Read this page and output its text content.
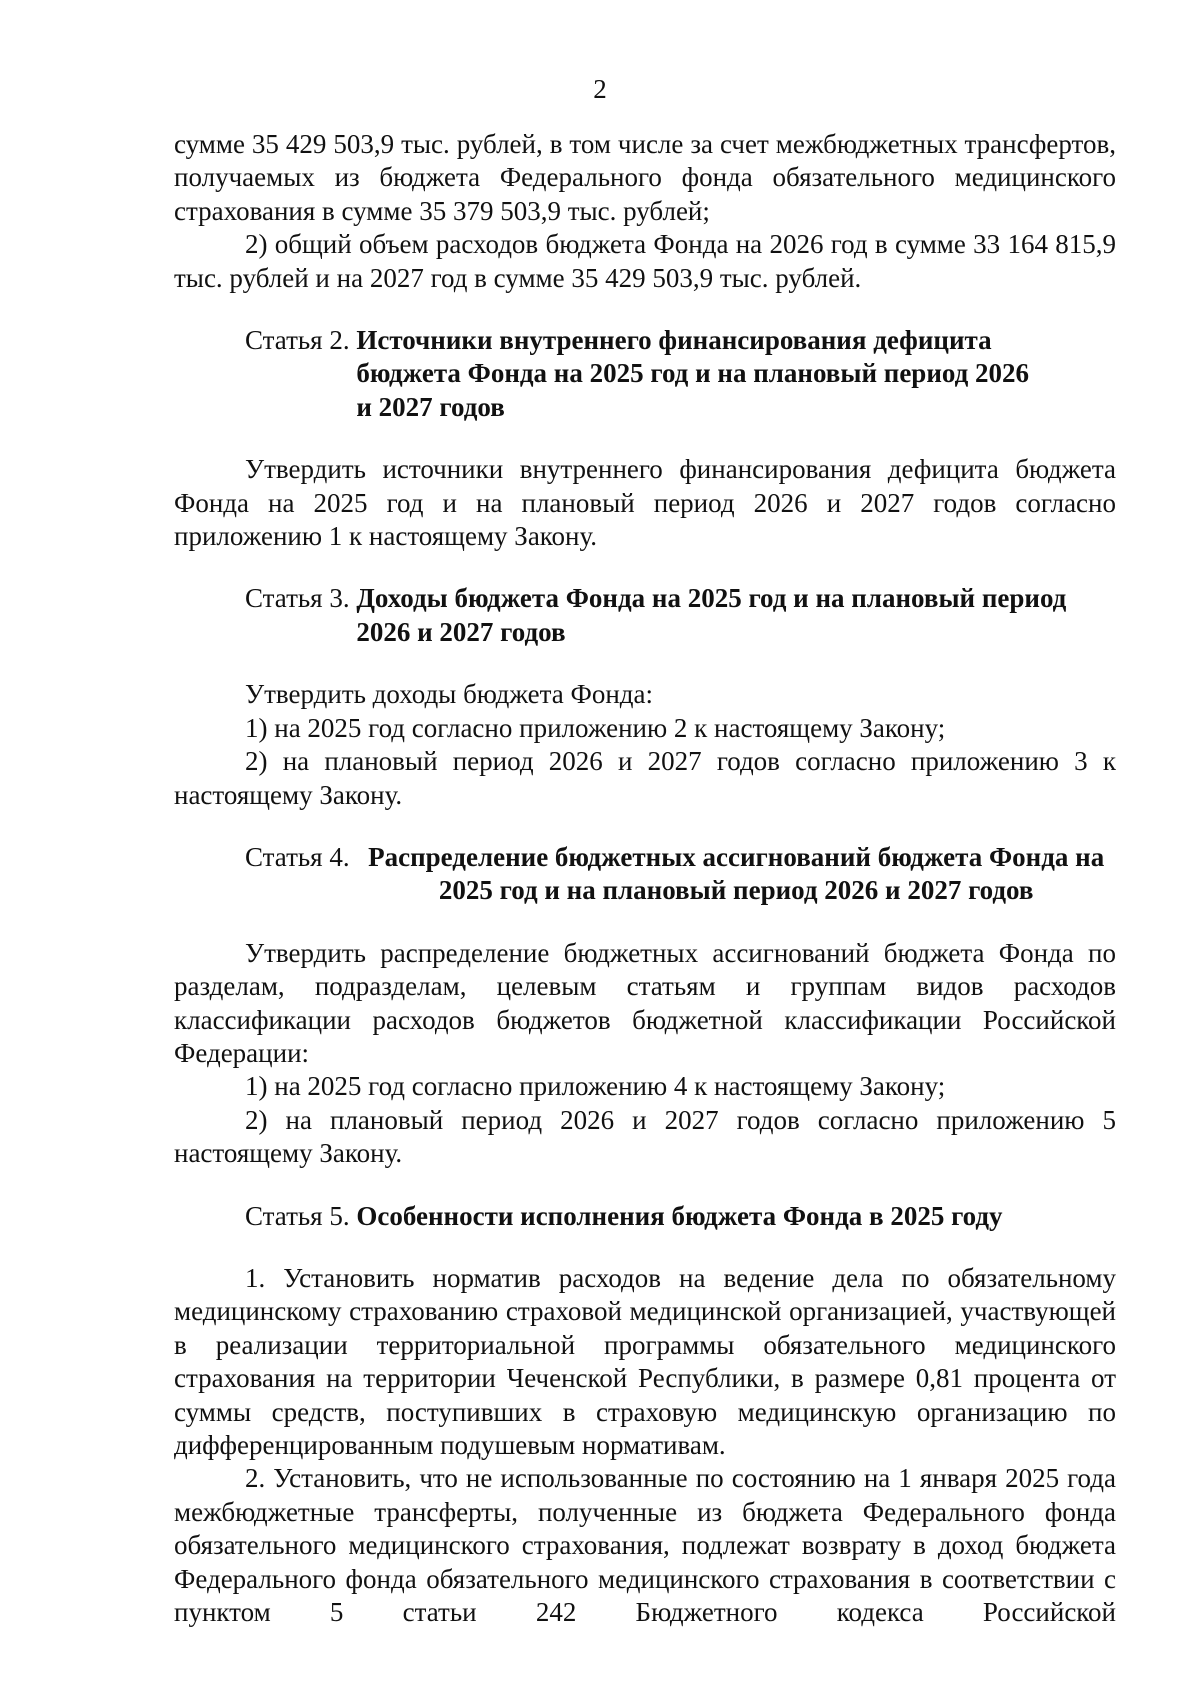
2

сумме 35 429 503,9 тыс. рублей, в том числе за счет межбюджетных трансфертов, получаемых из бюджета Федерального фонда обязательного медицинского страхования в сумме 35 379 503,9 тыс. рублей;

2) общий объем расходов бюджета Фонда на 2026 год в сумме 33 164 815,9 тыс. рублей и на 2027 год в сумме 35 429 503,9 тыс. рублей.

Статья 2. Источники внутреннего финансирования дефицита бюджета Фонда на 2025 год и на плановый период 2026 и 2027 годов

Утвердить источники внутреннего финансирования дефицита бюджета Фонда на 2025 год и на плановый период 2026 и 2027 годов согласно приложению 1 к настоящему Закону.

Статья 3. Доходы бюджета Фонда на 2025 год и на плановый период 2026 и 2027 годов

Утвердить доходы бюджета Фонда:

1) на 2025 год согласно приложению 2 к настоящему Закону;

2) на плановый период 2026 и 2027 годов согласно приложению 3 к настоящему Закону.

Статья 4. Распределение бюджетных ассигнований бюджета Фонда на 2025 год и на плановый период 2026 и 2027 годов

Утвердить распределение бюджетных ассигнований бюджета Фонда по разделам, подразделам, целевым статьям и группам видов расходов классификации расходов бюджетов бюджетной классификации Российской Федерации:

1) на 2025 год согласно приложению 4 к настоящему Закону;

2) на плановый период 2026 и 2027 годов согласно приложению 5 настоящему Закону.

Статья 5. Особенности исполнения бюджета Фонда в 2025 году

1. Установить норматив расходов на ведение дела по обязательному медицинскому страхованию страховой медицинской организацией, участвующей в реализации территориальной программы обязательного медицинского страхования на территории Чеченской Республики, в размере 0,81 процента от суммы средств, поступивших в страховую медицинскую организацию по дифференцированным подушевым нормативам.

2. Установить, что не использованные по состоянию на 1 января 2025 года межбюджетные трансферты, полученные из бюджета Федерального фонда обязательного медицинского страхования, подлежат возврату в доход бюджета Федерального фонда обязательного медицинского страхования в соответствии с пунктом 5 статьи 242 Бюджетного кодекса Российской
